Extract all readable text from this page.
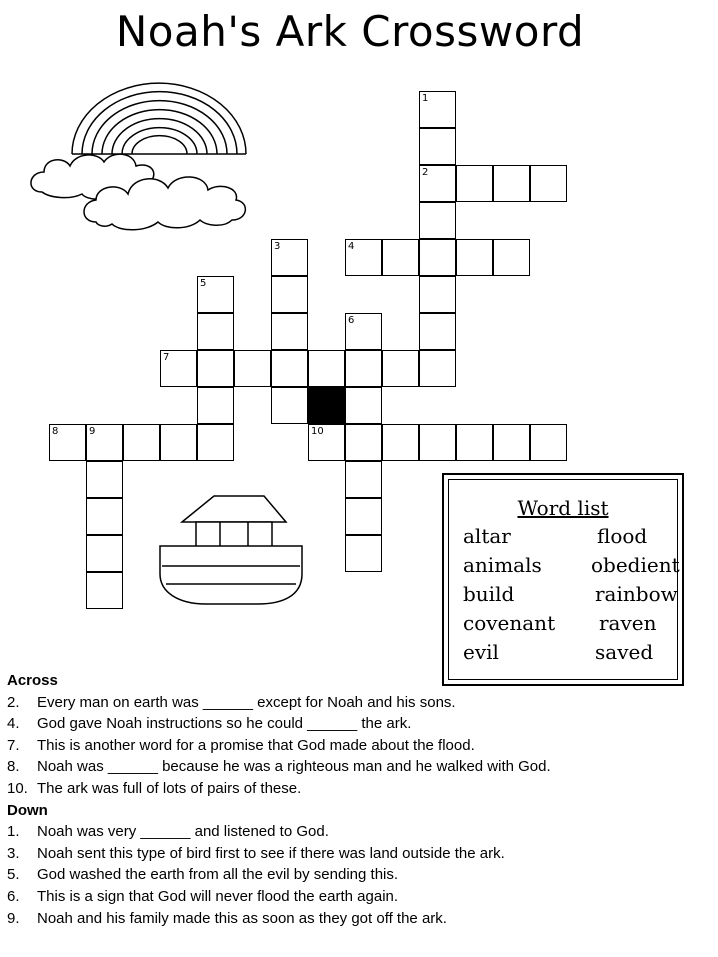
Noah's Ark Crossword
1
2
3	4
5
6
7
8	9	10
Word list
altar
animals
build
covenant
evil
flood
obedient
rainbow
raven
saved
Across
2. Every man on earth was ______ except for Noah and his sons.
4. God gave Noah instructions so he could ______ the ark.
7. This is another word for a promise that God made about the flood.
8. Noah was ______ because he was a righteous man and he walked with God.
10. The ark was full of lots of pairs of these.
Down
1. Noah was very ______ and listened to God.
3. Noah sent this type of bird first to see if there was land outside the ark.
5. God washed the earth from all the evil by sending this.
6. This is a sign that God will never flood the earth again.
9. Noah and his family made this as soon as they got off the ark.
